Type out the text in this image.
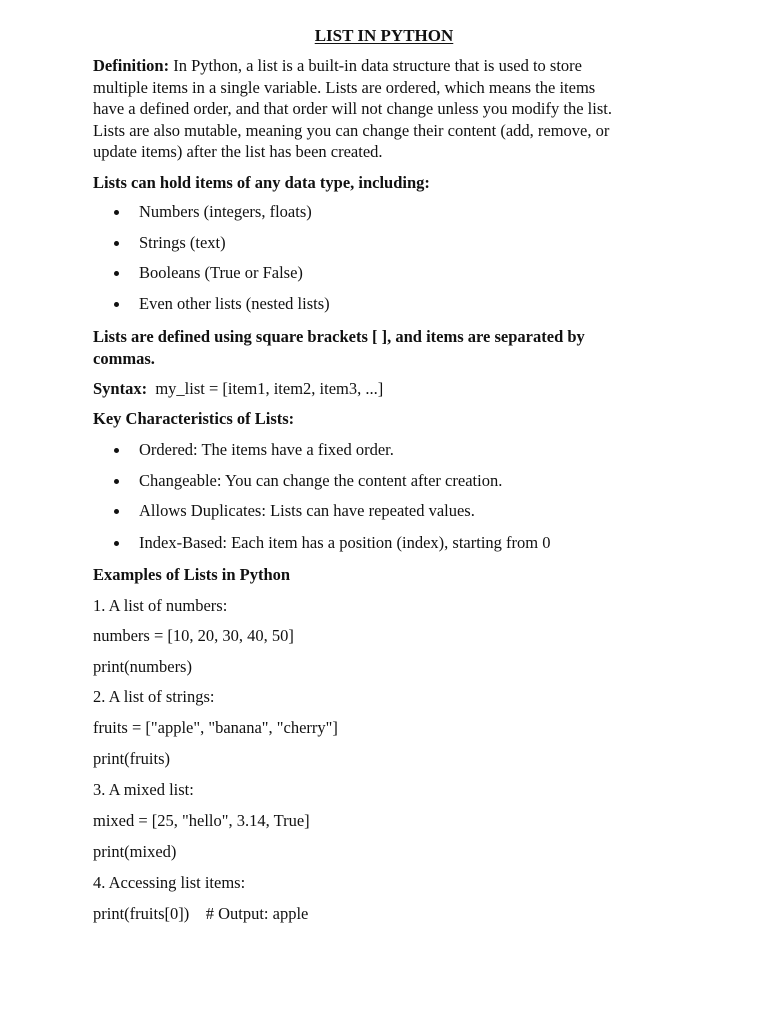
LIST IN PYTHON
Definition: In Python, a list is a built-in data structure that is used to store
multiple items in a single variable. Lists are ordered, which means the items
have a defined order, and that order will not change unless you modify the list.
Lists are also mutable, meaning you can change their content (add, remove, or
update items) after the list has been created.
Lists can hold items of any data type, including:
Numbers (integers, floats)
Strings (text)
Booleans (True or False)
Even other lists (nested lists)
Lists are defined using square brackets [ ], and items are separated by
commas.
Syntax:  my_list = [item1, item2, item3, ...]
Key Characteristics of Lists:
Ordered: The items have a fixed order.
Changeable: You can change the content after creation.
Allows Duplicates: Lists can have repeated values.
Index-Based: Each item has a position (index), starting from 0
Examples of Lists in Python
1. A list of numbers:
numbers = [10, 20, 30, 40, 50]
print(numbers)
2. A list of strings:
fruits = ["apple", "banana", "cherry"]
print(fruits)
3. A mixed list:
mixed = [25, "hello", 3.14, True]
print(mixed)
4. Accessing list items:
print(fruits[0])    # Output: apple
